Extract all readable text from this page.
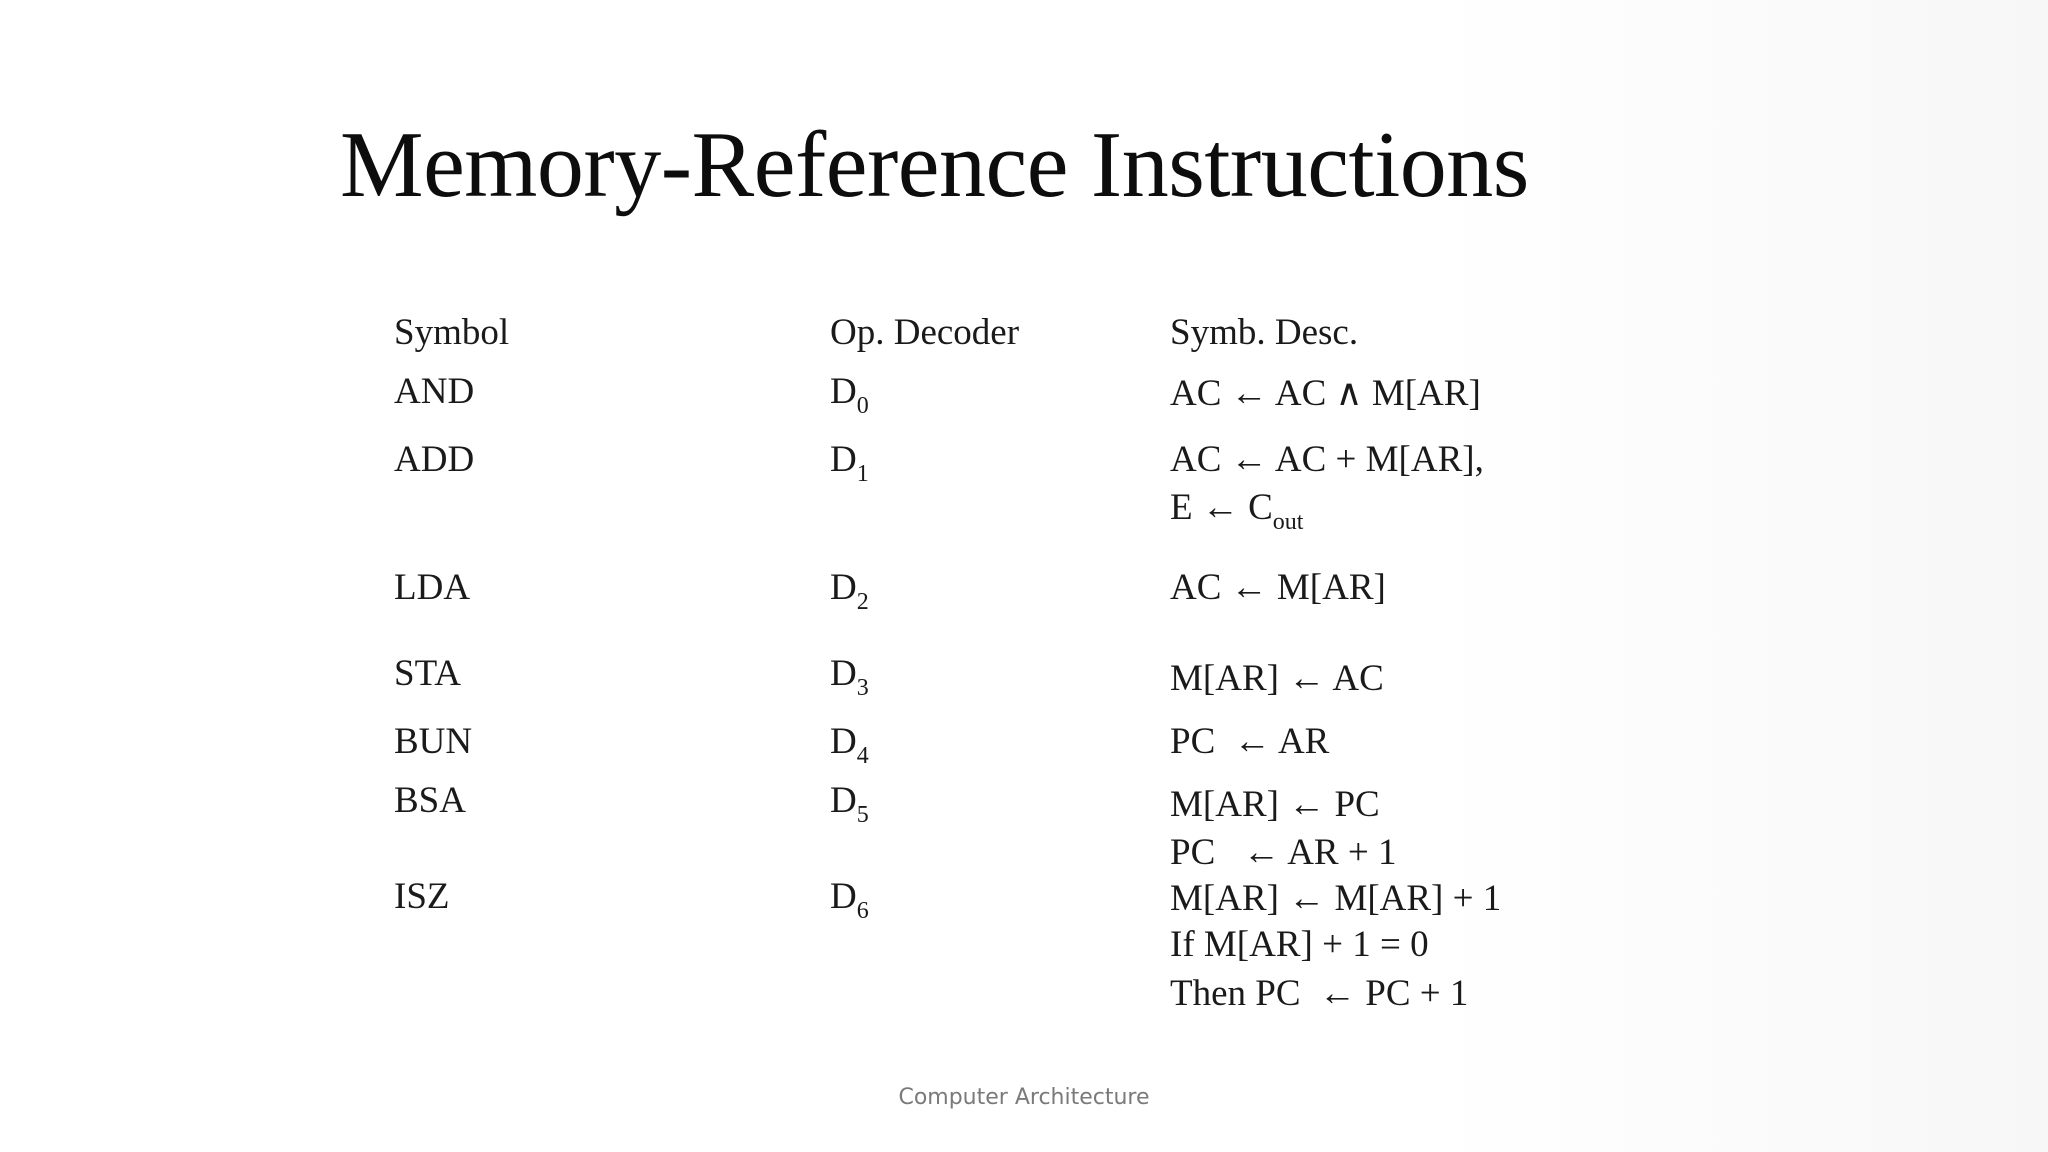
Memory-Reference Instructions
Symbol	Op. Decoder	Symb. Desc.
AND	$D_0$	AC ← AC ∧ M[AR]
ADD	$D_1$	AC ← AC + M[AR],
E ← $C_{out}$
LDA	$D_2$	AC ← M[AR]
STA	$D_3$	M[AR] ← AC
BUN	$D_4$	PC  ← AR
BSA	$D_5$	M[AR] ← PC
PC   ← AR + 1
ISZ	$D_6$	M[AR] ← M[AR] + 1
If M[AR] + 1 = 0
Then PC  ← PC + 1
Computer Architecture
